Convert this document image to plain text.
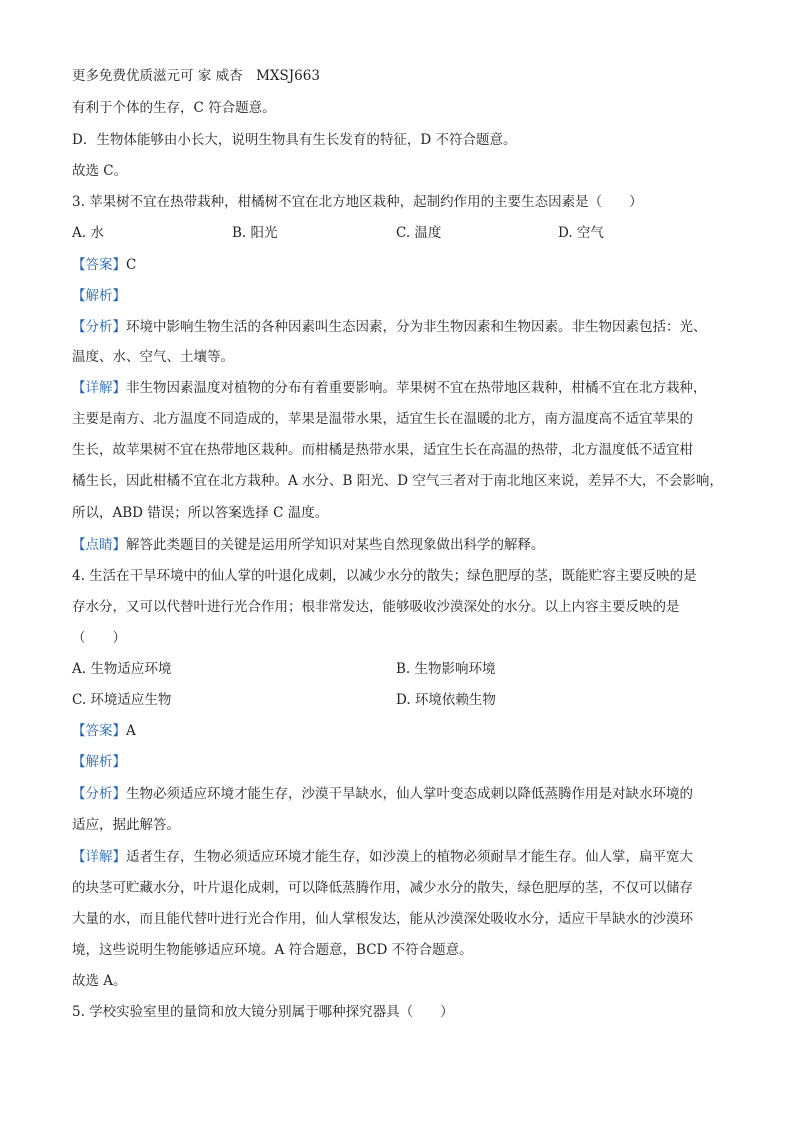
更多免费优质滋元可 家 威杏　MXSJ663
有利于个体的生存，C 符合题意。
D．生物体能够由小长大，说明生物具有生长发育的特征，D 不符合题意。
故选 C。
3. 苹果树不宜在热带栽种，柑橘树不宜在北方地区栽种，起制约作用的主要生态因素是（　　）
A. 水	B. 阳光	C. 温度	D. 空气
【答案】C
【解析】
【分析】环境中影响生物生活的各种因素叫生态因素，分为非生物因素和生物因素。非生物因素包括：光、
温度、水、空气、土壤等。
【详解】非生物因素温度对植物的分布有着重要影响。苹果树不宜在热带地区栽种，柑橘不宜在北方栽种，
主要是南方、北方温度不同造成的，苹果是温带水果，适宜生长在温暖的北方，南方温度高不适宜苹果的
生长，故苹果树不宜在热带地区栽种。而柑橘是热带水果，适宜生长在高温的热带，北方温度低不适宜柑
橘生长，因此柑橘不宜在北方栽种。A 水分、B 阳光、D 空气三者对于南北地区来说，差异不大，不会影响，
所以，ABD 错误；所以答案选择 C 温度。
【点睛】解答此类题目的关键是运用所学知识对某些自然现象做出科学的解释。
4. 生活在干旱环境中的仙人掌的叶退化成刺，以减少水分的散失；绿色肥厚的茎，既能贮容主要反映的是
存水分，又可以代替叶进行光合作用；根非常发达，能够吸收沙漠深处的水分。以上内容主要反映的是
（　　）
A. 生物适应环境	B. 生物影响环境
C. 环境适应生物	D. 环境依赖生物
【答案】A
【解析】
【分析】生物必须适应环境才能生存，沙漠干旱缺水，仙人掌叶变态成刺以降低蒸腾作用是对缺水环境的
适应，据此解答。
【详解】适者生存，生物必须适应环境才能生存，如沙漠上的植物必须耐旱才能生存。仙人掌，扁平宽大
的块茎可贮藏水分，叶片退化成刺，可以降低蒸腾作用，减少水分的散失，绿色肥厚的茎，不仅可以储存
大量的水，而且能代替叶进行光合作用，仙人掌根发达，能从沙漠深处吸收水分，适应干旱缺水的沙漠环
境，这些说明生物能够适应环境。A 符合题意，BCD 不符合题意。
故选 A。
5. 学校实验室里的量筒和放大镜分别属于哪种探究器具（　　）
